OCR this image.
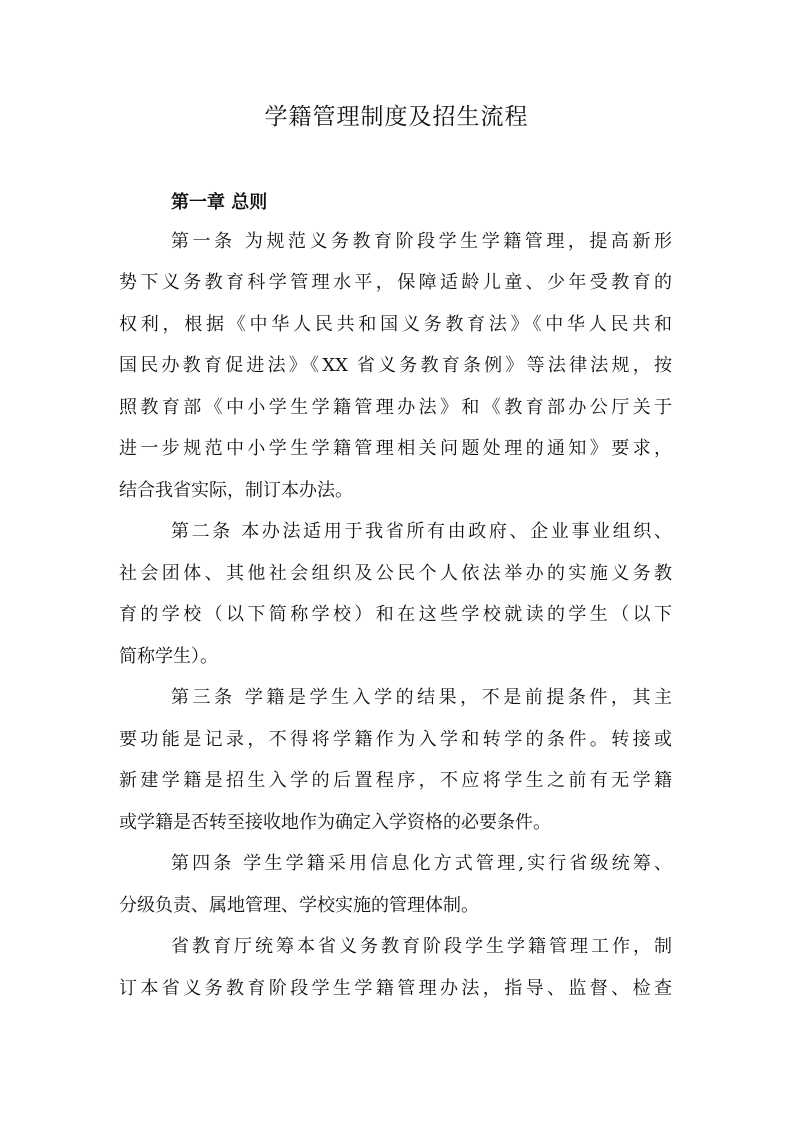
学籍管理制度及招生流程
第一章 总则
第一条 为规范义务教育阶段学生学籍管理，提高新形
势下义务教育科学管理水平，保障适龄儿童、少年受教育的
权利，根据《中华人民共和国义务教育法》《中华人民共和
国民办教育促进法》《XX 省义务教育条例》等法律法规，按
照教育部《中小学生学籍管理办法》和《教育部办公厅关于
进一步规范中小学生学籍管理相关问题处理的通知》要求，
结合我省实际，制订本办法。
第二条 本办法适用于我省所有由政府、企业事业组织、
社会团体、其他社会组织及公民个人依法举办的实施义务教
育的学校（以下简称学校）和在这些学校就读的学生（以下
简称学生）。
第三条 学籍是学生入学的结果，不是前提条件，其主
要功能是记录，不得将学籍作为入学和转学的条件。转接或
新建学籍是招生入学的后置程序，不应将学生之前有无学籍
或学籍是否转至接收地作为确定入学资格的必要条件。
第四条 学生学籍采用信息化方式管理,实行省级统筹、
分级负责、属地管理、学校实施的管理体制。
省教育厅统筹本省义务教育阶段学生学籍管理工作，制
订本省义务教育阶段学生学籍管理办法，指导、监督、检查
